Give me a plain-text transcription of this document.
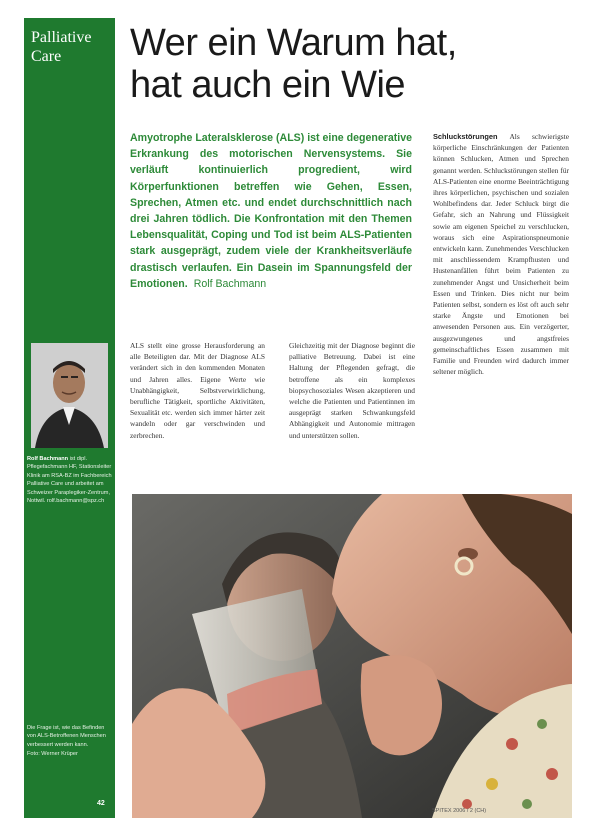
Palliative
Care
Rolf Bachmann ist dipl. Pflegefachmann HF, Stationsleiter Klinik am RSA-BZ im Fachbereich Palliative Care und arbeitet am Schweizer Paraplegiker-Zentrum, Nottwil. rolf.bachmann@spz.ch
Die Frage ist, wie das Befinden von ALS-Betroffenen Menschen verbessert werden kann.
Foto: Werner Krüper
42
Wer ein Warum hat,
hat auch ein Wie
Amyotrophe Lateralsklerose (ALS) ist eine degenerative Erkrankung des motorischen Nervensystems. Sie verläuft kontinuierlich progredient, wird Körperfunktionen betreffen wie Gehen, Essen, Sprechen, Atmen etc. und endet durchschnittlich nach drei Jahren tödlich. Die Konfrontation mit den Themen Lebensqualität, Coping und Tod ist beim ALS-Patienten stark ausgeprägt, zudem viele der Krankheitsverläufe drastisch verlaufen. Ein Dasein im Spannungsfeld der Emotionen. Rolf Bachmann
ALS stellt eine grosse Herausforderung an alle Beteiligten dar. Mit der Diagnose ALS verändert sich in den kommenden Monaten und Jahren alles. Eigene Werte wie Unabhängigkeit, Selbstverwirklichung, berufliche Tätigkeit, sportliche Aktivitäten, Sexualität etc. werden sich immer härter zeit wandeln oder gar verschwinden und zerbrechen.
Gleichzeitig mit der Diagnose beginnt die palliative Betreuung. Dabei ist eine Haltung der Pflegenden gefragt, die betroffene als ein komplexes biopsychosoziales Wesen akzeptieren und welche die Patienten und Patientinnen im ausgeprägt starken Schwankungsfeld Abhängigkeit und Autonomie mittragen und unterstützen sollen.
Schluckstörungen Als schwierigste körperliche Einschränkungen der Patienten können Schlucken, Atmen und Sprechen genannt werden. Schluckstörungen stellen für ALS-Patienten eine enorme Beeinträchtigung ihres körperlichen, psychischen und sozialen Wohlbefindens dar. Jeder Schluck birgt die Gefahr, sich an Nahrung und Flüssigkeit sowie am eigenen Speichel zu verschlucken, woraus sich eine Aspirationspneumonie entwickeln kann. Zunehmendes Verschlucken mit anschliessendem Krampfhusten und Hustenanfällen führt beim Patienten zu zunehmender Angst und Unsicherheit beim Essen und Trinken. Dies nicht nur beim Patienten selbst, sondern es löst oft auch sehr starke Ängste und Emotionen bei anwesenden Personen aus. Ein verzögerter, ausgezwungenes und angstfreies gemeinschaftliches Essen zusammen mit Familie und Freunden wird dadurch immer seltener möglich.
SPITEX 2006 / 2 (CH)
